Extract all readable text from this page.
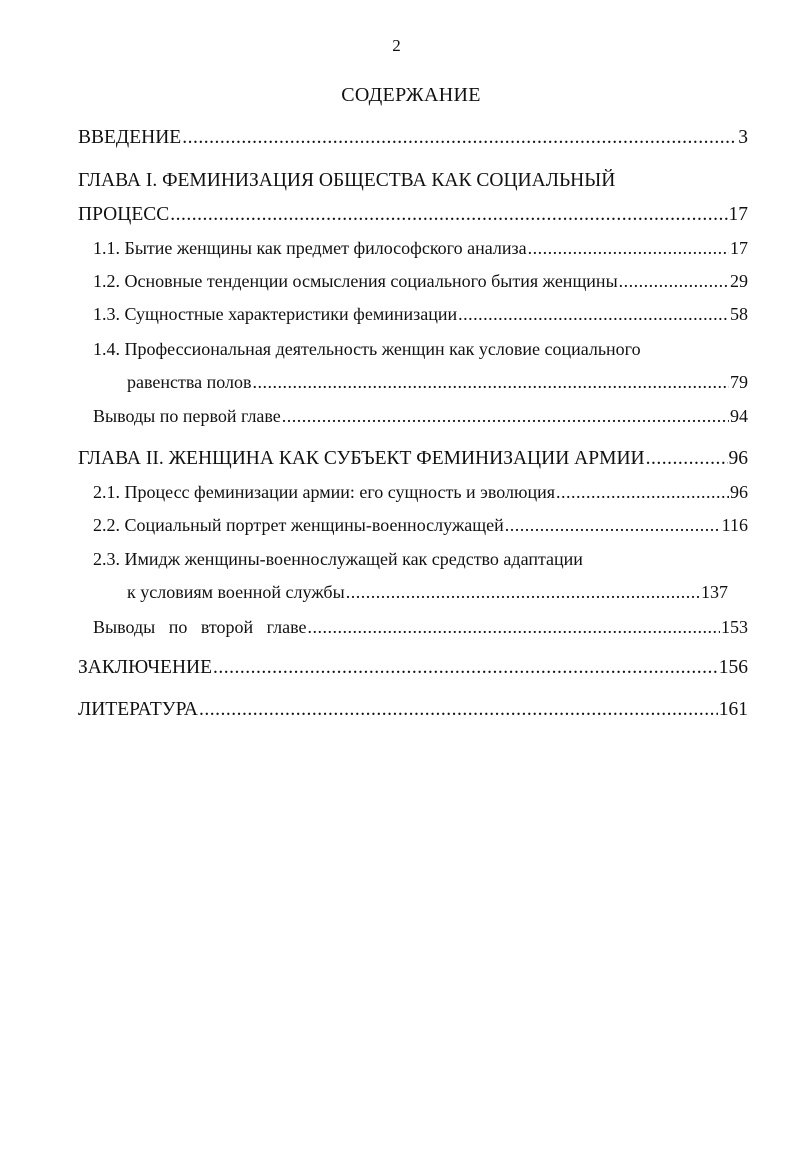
2
СОДЕРЖАНИЕ
ВВЕДЕНИЕ .....	3
ГЛАВА I. ФЕМИНИЗАЦИЯ ОБЩЕСТВА КАК СОЦИАЛЬНЫЙ
ПРОЦЕСС .....	17
1.1. Бытие женщины как предмет философского анализа .....	17
1.2. Основные тенденции осмысления социального бытия женщины .....	29
1.3. Сущностные характеристики феминизации .....	58
1.4. Профессиональная деятельность женщин как условие социального
равенства полов .....	79
Выводы по первой главе .....	94
ГЛАВА II. ЖЕНЩИНА КАК СУБЪЕКТ ФЕМИНИЗАЦИИ АРМИИ .....	96
2.1. Процесс феминизации армии: его сущность и эволюция .....	96
2.2. Социальный портрет женщины-военнослужащей .....	116
2.3. Имидж женщины-военнослужащей как средство адаптации
к условиям военной службы .....	137
Выводы   по   второй   главе .....	153
ЗАКЛЮЧЕНИЕ .....	156
ЛИТЕРАТУРА .....	161
